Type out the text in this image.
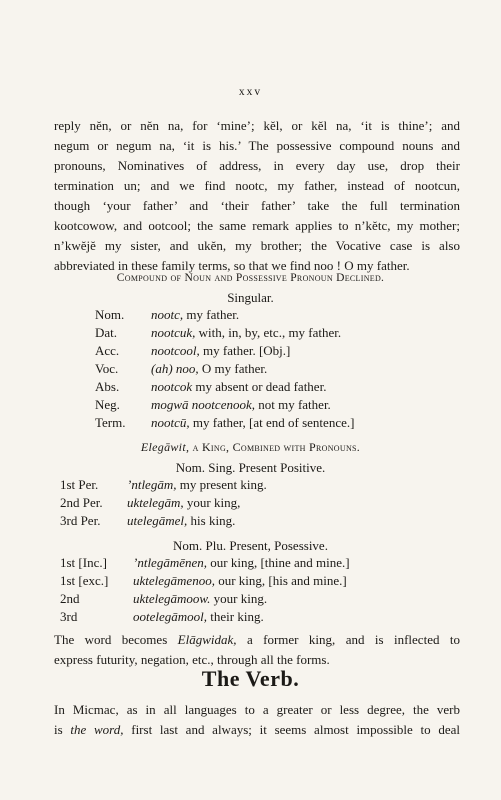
xxv
reply nĕn, or nĕn na, for ‘mine’; kĕl, or kĕl na, ‘it is thine’; and
negum or negum na, ‘it is his.’ The possessive compound nouns and
pronouns, Nominatives of address, in every day use, drop their
termination un; and we find nootc, my father, instead of nootcun,
though ‘your father’ and ‘their father’ take the full termination
kootcowow, and ootcool; the same remark applies to n’kĕtc, my mother;
n’kwĕjĕ my sister, and ukĕn, my brother; the Vocative case is also
abbreviated in these family terms, so that we find noo ! O my father.
Compound of Noun and Possessive Pronoun Declined.
Singular.
Nom. nootc, my father.
Dat.	nootcuk, with, in, by, etc., my father.
Acc. nootcool, my father. [Obj.]
Voc.	(ah) noo, O my father.
Abs. nootcok my absent or dead father.
Neg. mogwā nootcenook, not my father.
Term. nootcū, my father, [at end of sentence.]
Elegāwit, a King, Combined with Pronouns.
Nom. Sing. Present Positive.
1st Per. ’ntlegām, my present king.
2nd Per. uktelegām, your king,
3rd Per. utelegāmel, his king.
Nom. Plu. Present, Posessive.
1st [Inc.] ’ntlegāmēnen, our king, [thine and mine.]
1st [exc.] uktelegāmenoo, our king, [his and mine.]
2nd	uktelegāmoow. your king.
3rd	ootelegāmool, their king.
The word becomes Elāgwidak, a former king, and is inflected to
express futurity, negation, etc., through all the forms.
The Verb.
In Micmac, as in all languages to a greater or less degree, the verb
is the word, first last and always; it seems almost impossible to deal
